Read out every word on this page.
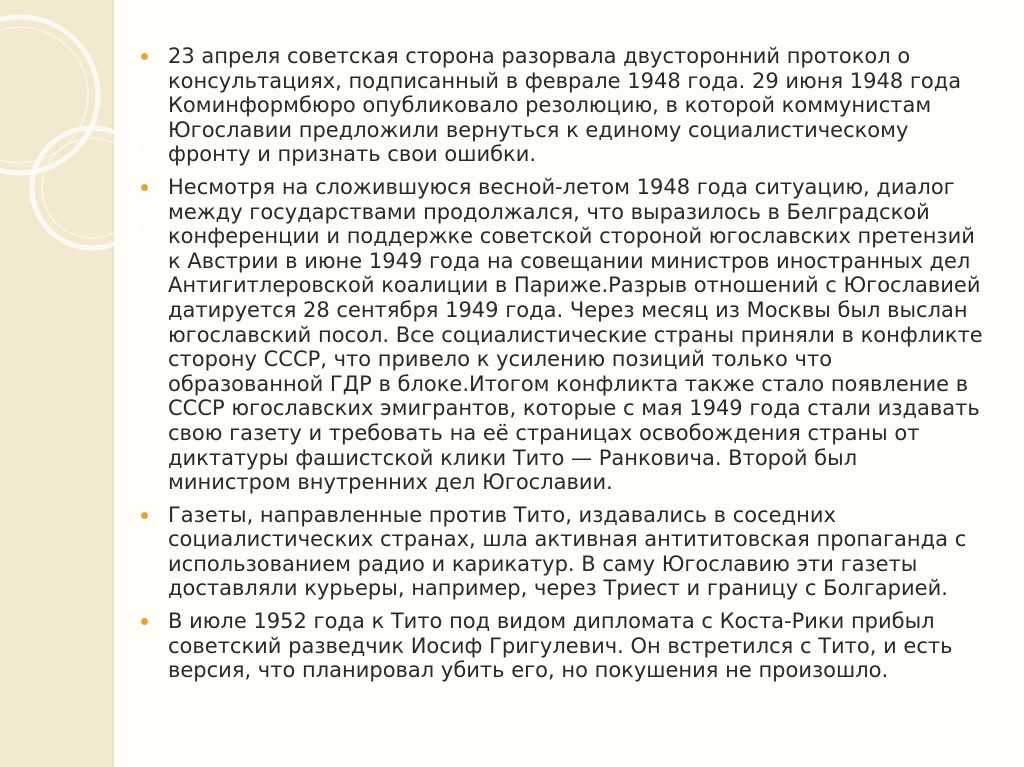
23 апреля советская сторона разорвала двусторонний протокол о консультациях, подписанный в феврале 1948 года. 29 июня 1948 года Коминформбюро опубликовало резолюцию, в которой коммунистам Югославии предложили вернуться к единому социалистическому фронту и признать свои ошибки.
Несмотря на сложившуюся весной-летом 1948 года ситуацию, диалог между государствами продолжался, что выразилось в Белградской конференции и поддержке советской стороной югославских претензий к Австрии в июне 1949 года на совещании министров иностранных дел Антигитлеровской коалиции в Париже.Разрыв отношений с Югославией датируется 28 сентября 1949 года. Через месяц из Москвы был выслан югославский посол. Все социалистические страны приняли в конфликте сторону СССР, что привело к усилению позиций только что образованной ГДР в блоке.Итогом конфликта также стало появление в СССР югославских эмигрантов, которые с мая 1949 года стали издавать свою газету и требовать на её страницах освобождения страны от диктатуры фашистской клики Тито — Ранковича. Второй был министром внутренних дел Югославии.
Газеты, направленные против Тито, издавались в соседних социалистических странах, шла активная антититовская пропаганда с использованием радио и карикатур. В саму Югославию эти газеты доставляли курьеры, например, через Триест и границу с Болгарией.
В июле 1952 года к Тито под видом дипломата с Коста-Рики прибыл советский разведчик Иосиф Григулевич. Он встретился с Тито, и есть версия, что планировал убить его, но покушения не произошло.
